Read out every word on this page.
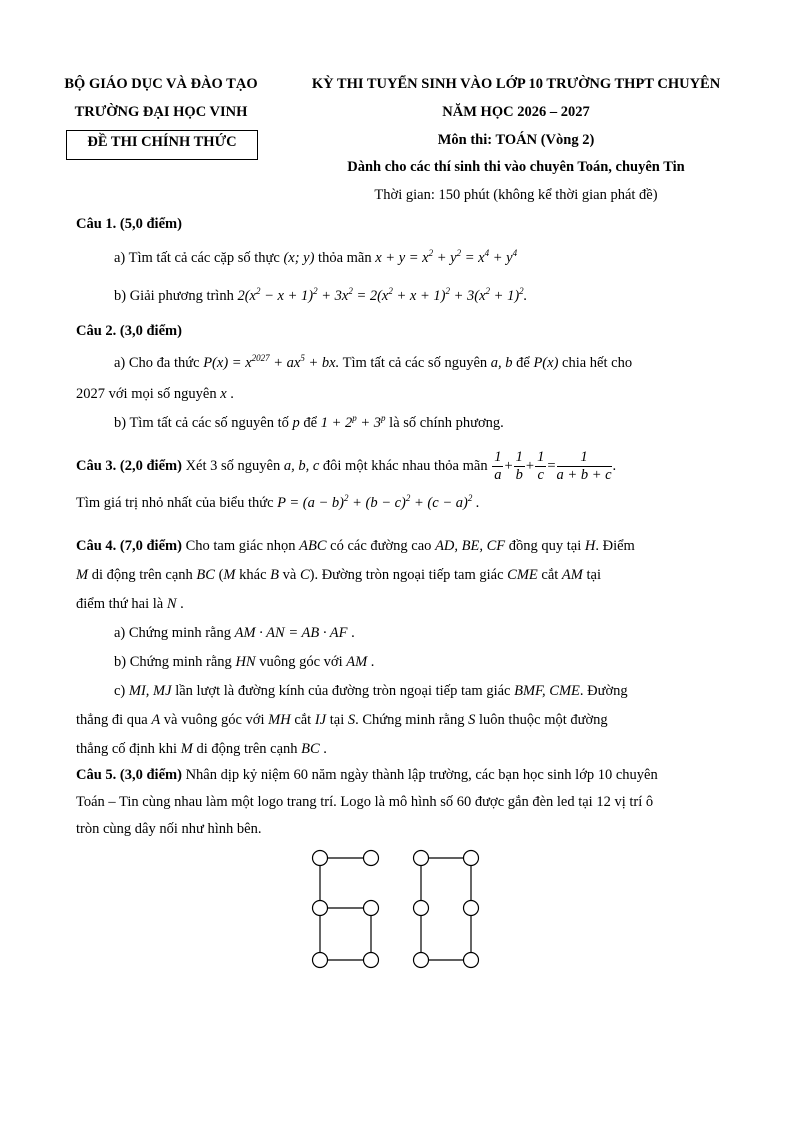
BỘ GIÁO DỤC VÀ ĐÀO TẠO
TRƯỜNG ĐẠI HỌC VINH
ĐỀ THI CHÍNH THỨC
KỲ THI TUYỂN SINH VÀO LỚP 10 TRƯỜNG THPT CHUYÊN
NĂM HỌC 2026 – 2027
Môn thi: TOÁN (Vòng 2)
Dành cho các thí sinh thi vào chuyên Toán, chuyên Tin
Thời gian: 150 phút (không kể thời gian phát đề)
Câu 1. (5,0 điểm)
a) Tìm tất cả các cặp số thực (x; y) thỏa mãn $x + y = x^2 + y^2 = x^4 + y^4$
b) Giải phương trình $2(x^2 - x + 1)^2 + 3x^2 = 2(x^2 + x + 1)^2 + 3(x^2 + 1)^2$.
Câu 2. (3,0 điểm)
a) Cho đa thức $P(x) = x^{2027} + ax^5$ + bx. Tìm tất cả các số nguyên a, b để P(x) chia hết cho
2027 với mọi số nguyên x .
b) Tìm tất cả các số nguyên tố p để $1 + 2^p + 3^p$ là số chính phương.
Câu 3. (2,0 điểm) Xét 3 số nguyên a, b, c đôi một khác nhau thỏa mãn $\frac{1}{a} + \frac{1}{b} + \frac{1}{c} = \frac{1}{a + b + c}$ .
Tìm giá trị nhỏ nhất của biểu thức $P = (a - b)^2 + (b - c)^2 + (c - a)^2$ .
Câu 4. (7,0 điểm) Cho tam giác nhọn ABC có các đường cao AD, BE, CF đồng quy tại H. Điểm
M di động trên cạnh BC (M khác B và C). Đường tròn ngoại tiếp tam giác CME cắt AM tại
điểm thứ hai là N .
a) Chứng minh rằng AM · AN = AB · AF .
b) Chứng minh rằng HN vuông góc với AM .
c) MI, MJ lần lượt là đường kính của đường tròn ngoại tiếp tam giác BMF, CME. Đường
thẳng đi qua A và vuông góc với MH cắt IJ tại S. Chứng minh rằng S luôn thuộc một đường
thẳng cố định khi M di động trên cạnh BC .
Câu 5. (3,0 điểm) Nhân dịp kỷ niệm 60 năm ngày thành lập trường, các bạn học sinh lớp 10 chuyên
Toán – Tin cùng nhau làm một logo trang trí. Logo là mô hình số 60 được gắn đèn led tại 12 vị trí ô
tròn cùng dây nối như hình bên.
